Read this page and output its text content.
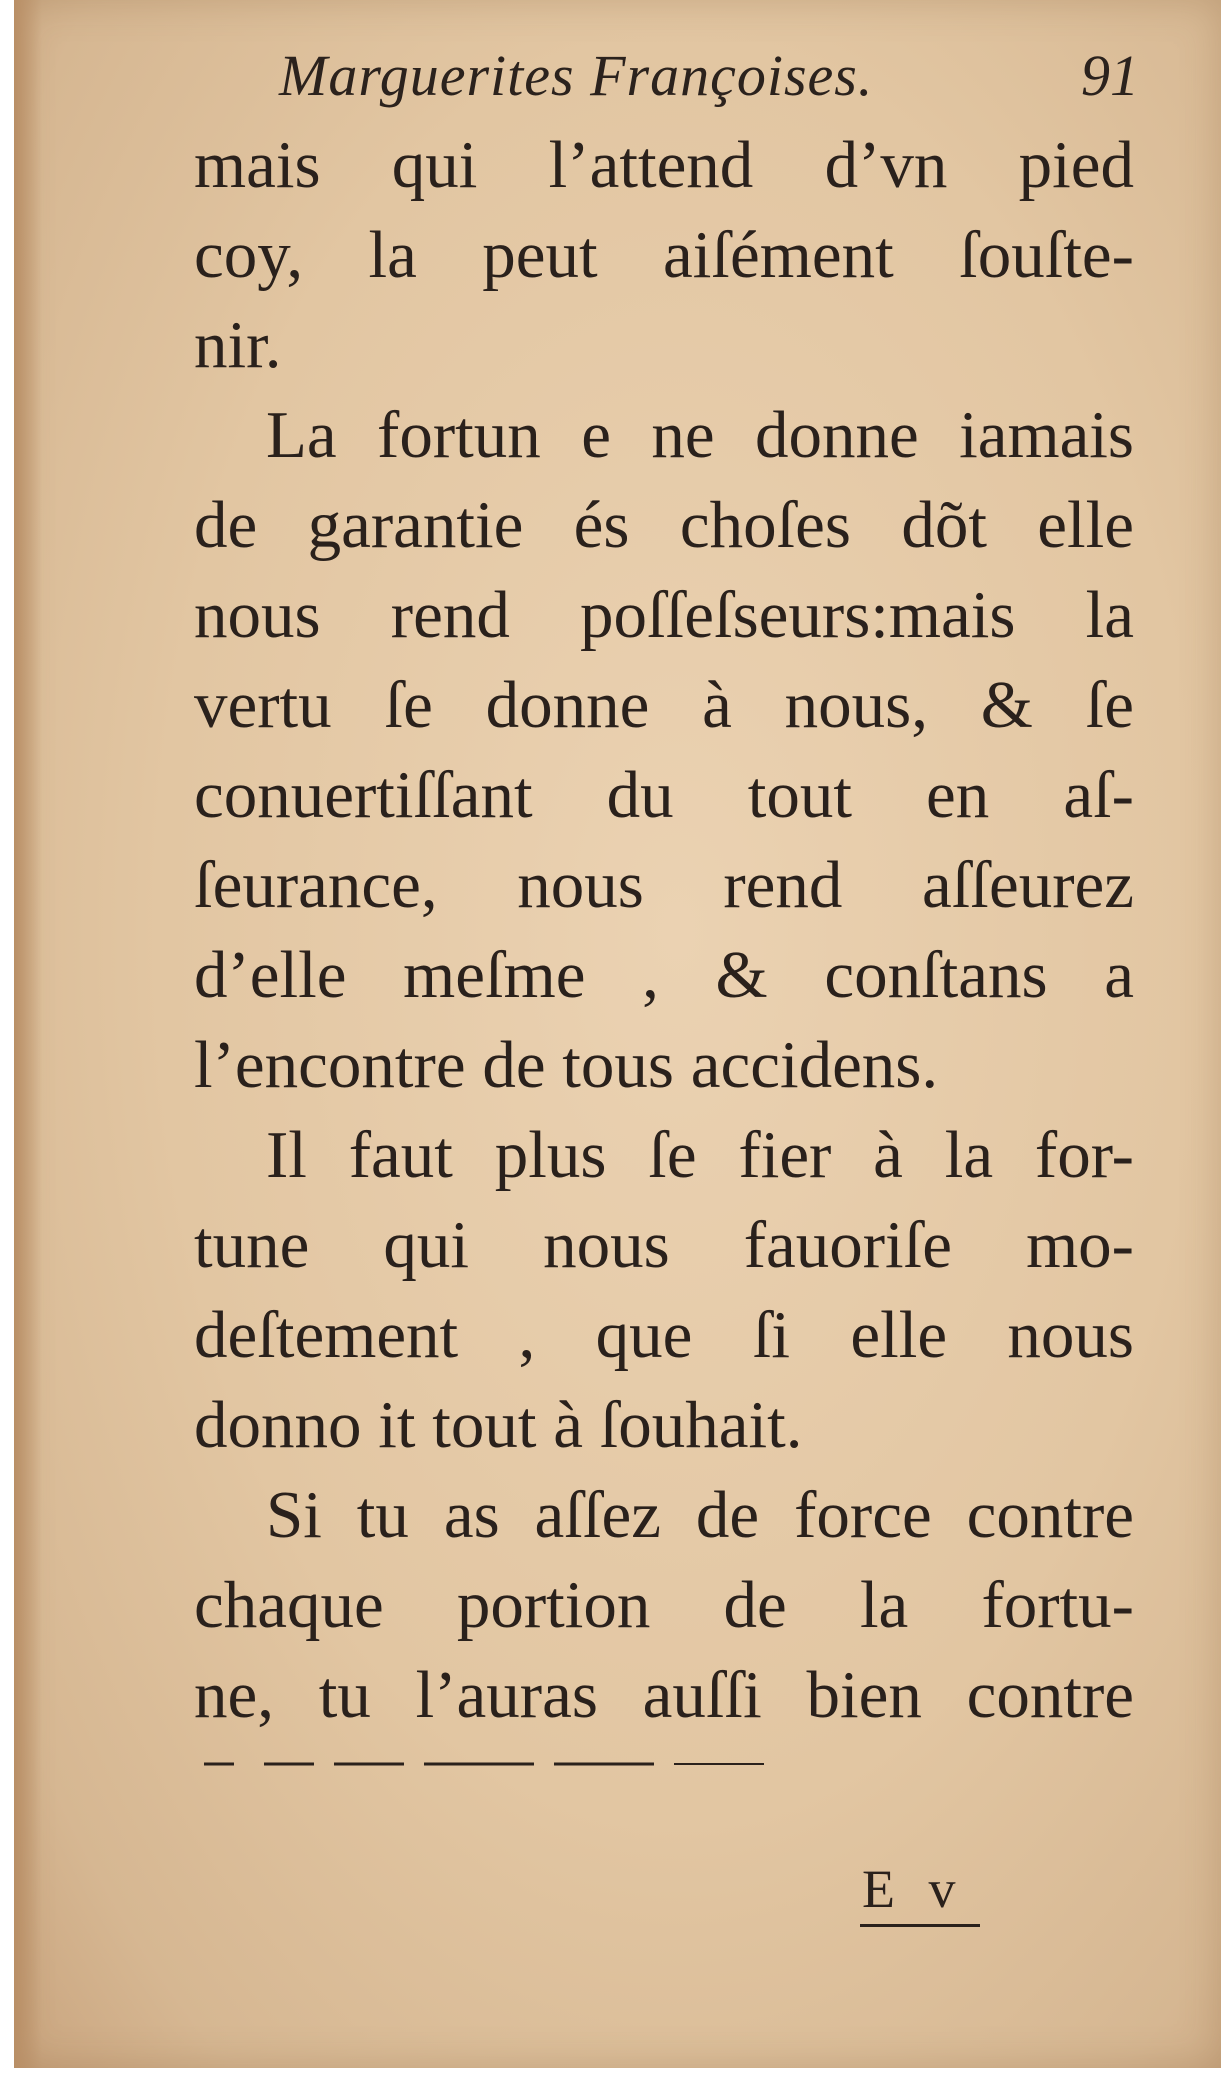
Marguerites Françoises.	91
mais qui l’attend d’vn pied
coy, la peut aiſément ſouſte-
nir.
La fortun e ne donne iamais
de garantie és choſes dõt elle
nous rend poſſeſseurs:mais la
vertu ſe donne à nous, & ſe
conuertiſſant du tout en aſ-
ſeurance, nous rend aſſeurez
d’elle meſme , & conſtans a
l’encontre de tous accidens.
Il faut plus ſe fier à la for-
tune qui nous fauoriſe mo-
deſtement , que ſi elle nous
donno it tout à ſouhait.
Si tu as aſſez de force contre
chaque portion de la fortu-
ne, tu l’auras auſſi bien contre
E v
